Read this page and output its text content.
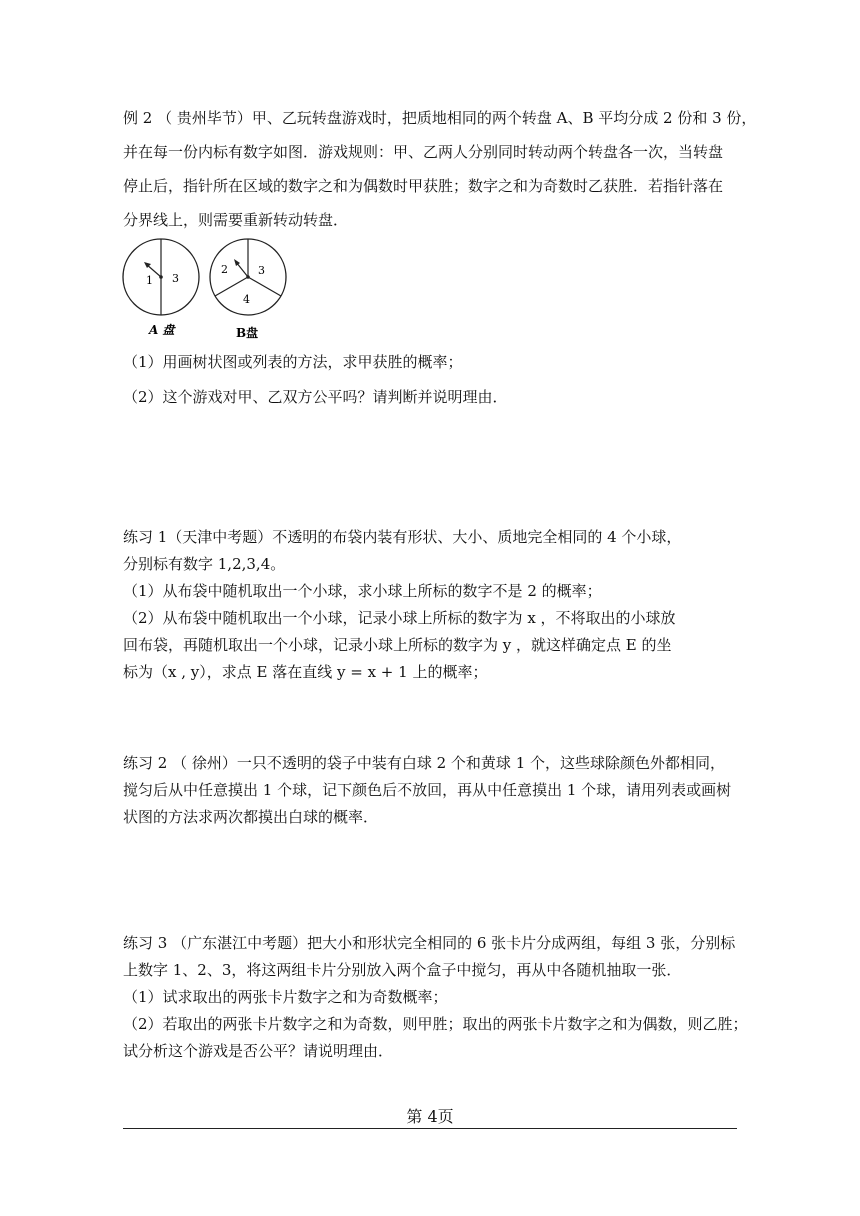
例 2 （ 贵州毕节）甲、乙玩转盘游戏时，把质地相同的两个转盘 A、B 平均分成 2 份和 3 份，

并在每一份内标有数字如图．游戏规则：甲、乙两人分别同时转动两个转盘各一次，当转盘

停止后，指针所在区域的数字之和为偶数时甲获胜；数字之和为奇数时乙获胜．若指针落在

分界线上，则需要重新转动转盘．

1 3
A 盘
2	3
4
B盘

（1）用画树状图或列表的方法，求甲获胜的概率；

（2）这个游戏对甲、乙双方公平吗？请判断并说明理由．

练习 1（天津中考题）不透明的布袋内装有形状、大小、质地完全相同的 4 个小球，

分别标有数字 1,2,3,4。

（1）从布袋中随机取出一个小球，求小球上所标的数字不是 2 的概率；

（2）从布袋中随机取出一个小球，记录小球上所标的数字为 x ，不将取出的小球放

回布袋，再随机取出一个小球，记录小球上所标的数字为 y ，就这样确定点 E 的坐

标为（x , y），求点 E 落在直线 y = x + 1 上的概率；

练习 2 （ 徐州）一只不透明的袋子中装有白球 2 个和黄球 1 个，这些球除颜色外都相同，

搅匀后从中任意摸出 1 个球，记下颜色后不放回，再从中任意摸出 1 个球，请用列表或画树

状图的方法求两次都摸出白球的概率．

练习 3 （广东湛江中考题）把大小和形状完全相同的 6 张卡片分成两组，每组 3 张，分别标

上数字 1、2、3，将这两组卡片分别放入两个盒子中搅匀，再从中各随机抽取一张．

（1）试求取出的两张卡片数字之和为奇数概率；

（2）若取出的两张卡片数字之和为奇数，则甲胜；取出的两张卡片数字之和为偶数，则乙胜；

试分析这个游戏是否公平？请说明理由．

第 4页
